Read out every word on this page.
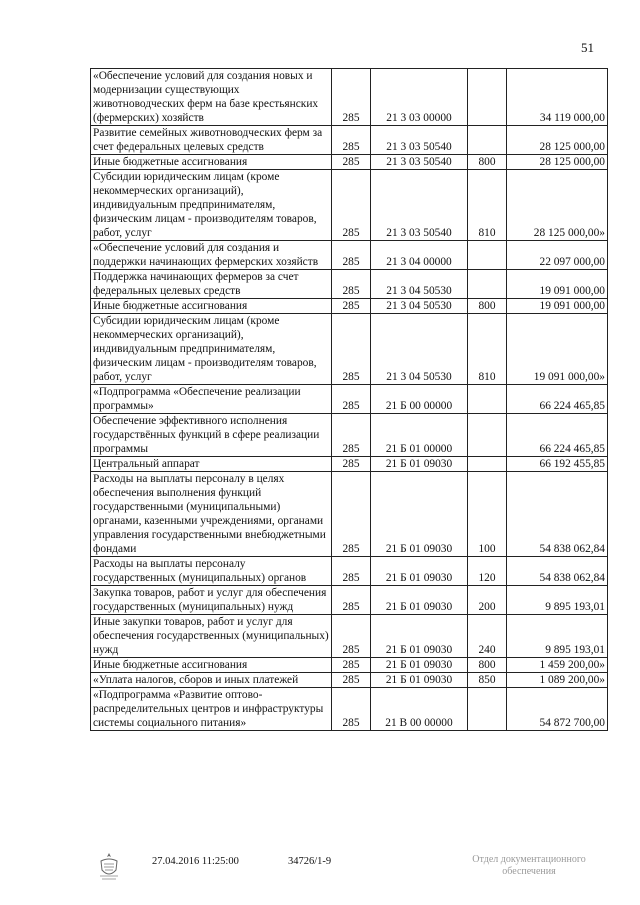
51
«Обеспечение условий для создания новых и модернизации существующих животноводческих ферм на базе крестьянских (фермерских) хозяйств	285	21 3 03 00000		34 119 000,00
Развитие семейных животноводческих ферм за счет федеральных целевых средств	285	21 3 03 50540		28 125 000,00
Иные бюджетные ассигнования	285	21 3 03 50540	800	28 125 000,00
Субсидии юридическим лицам (кроме некоммерческих организаций), индивидуальным предпринимателям, физическим лицам - производителям товаров, работ, услуг	285	21 3 03 50540	810	28 125 000,00»
«Обеспечение условий для создания и поддержки начинающих фермерских хозяйств	285	21 3 04 00000		22 097 000,00
Поддержка начинающих фермеров за счет федеральных целевых средств	285	21 3 04 50530		19 091 000,00
Иные бюджетные ассигнования	285	21 3 04 50530	800	19 091 000,00
Субсидии юридическим лицам (кроме некоммерческих организаций), индивидуальным предпринимателям, физическим лицам - производителям товаров, работ, услуг	285	21 3 04 50530	810	19 091 000,00»
«Подпрограмма «Обеспечение реализации программы»	285	21 Б 00 00000		66 224 465,85
Обеспечение эффективного исполнения государствённых функций в сфере реализации программы	285	21 Б 01 00000		66 224 465,85
Центральный аппарат	285	21 Б 01 09030		66 192 455,85
Расходы на выплаты персоналу в целях обеспечения выполнения функций государственными (муниципальными) органами, казенными учреждениями, органами управления государственными внебюджетными фондами	285	21 Б 01 09030	100	54 838 062,84
Расходы на выплаты персоналу государственных (муниципальных) органов	285	21 Б 01 09030	120	54 838 062,84
Закупка товаров, работ и услуг для обеспечения государственных (муниципальных) нужд	285	21 Б 01 09030	200	9 895 193,01
Иные закупки товаров, работ и услуг для обеспечения государственных (муниципальных) нужд	285	21 Б 01 09030	240	9 895 193,01
Иные бюджетные ассигнования	285	21 Б 01 09030	800	1 459 200,00»
«Уплата налогов, сборов и иных платежей	285	21 Б 01 09030	850	1 089 200,00»
«Подпрограмма «Развитие оптово-распределительных центров и инфраструктуры системы социального питания»	285	21 В 00 00000		54 872 700,00
27.04.2016 11:25:00	34726/1-9	Отдел документационного
обеспечения
